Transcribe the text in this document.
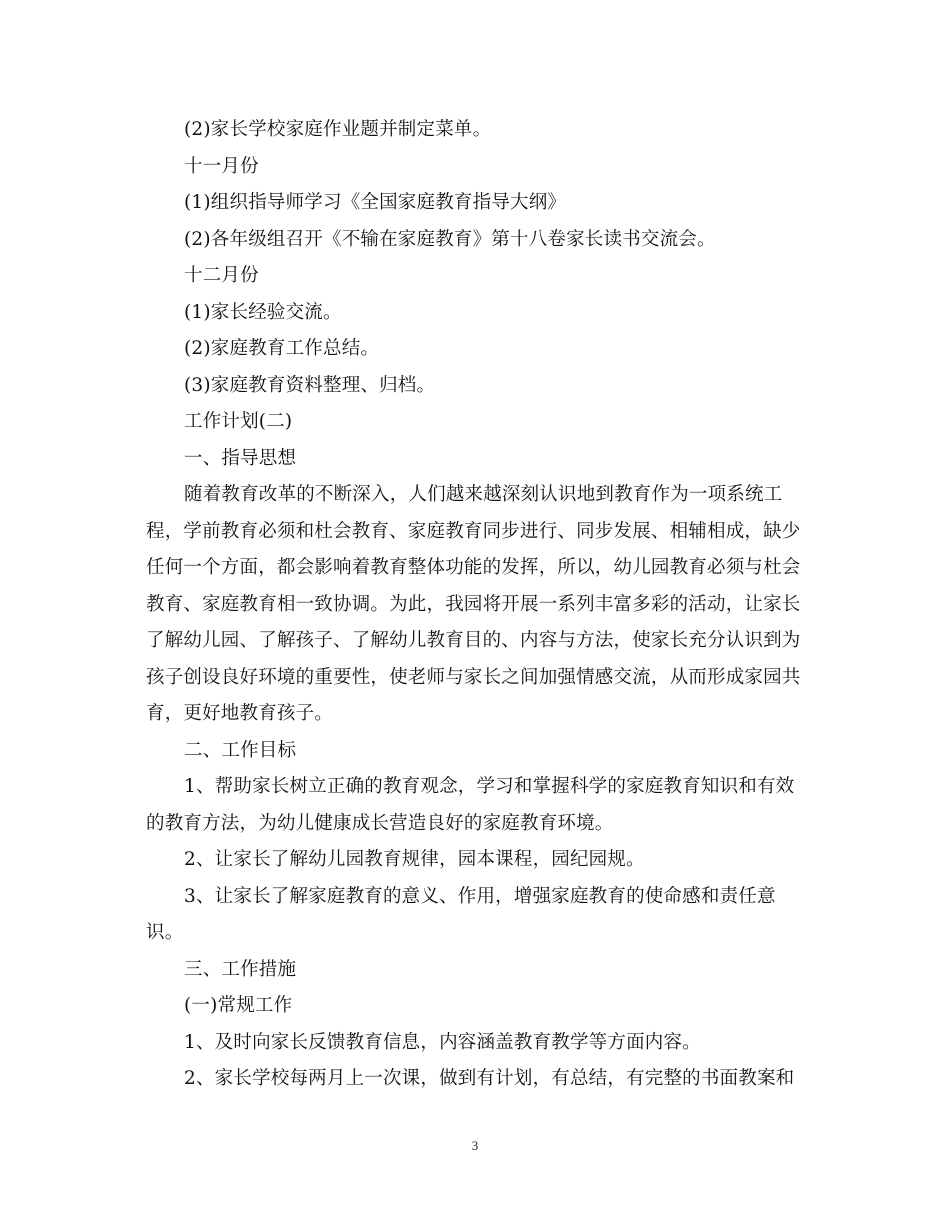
(2)家长学校家庭作业题并制定菜单。
十一月份
(1)组织指导师学习《全国家庭教育指导大纲》
(2)各年级组召开《不输在家庭教育》第十八卷家长读书交流会。
十二月份
(1)家长经验交流。
(2)家庭教育工作总结。
(3)家庭教育资料整理、归档。
工作计划(二)
一、指导思想
随着教育改革的不断深入，人们越来越深刻认识地到教育作为一项系统工
程，学前教育必须和杜会教育、家庭教育同步进行、同步发展、相辅相成，缺少
任何一个方面，都会影响着教育整体功能的发挥，所以，幼儿园教育必须与杜会
教育、家庭教育相一致协调。为此，我园将开展一系列丰富多彩的活动，让家长
了解幼儿园、了解孩子、了解幼儿教育目的、内容与方法，使家长充分认识到为
孩子创设良好环境的重要性，使老师与家长之间加强情感交流，从而形成家园共
育，更好地教育孩子。
二、工作目标
1、帮助家长树立正确的教育观念，学习和掌握科学的家庭教育知识和有效
的教育方法，为幼儿健康成长营造良好的家庭教育环境。
2、让家长了解幼儿园教育规律，园本课程，园纪园规。
3、让家长了解家庭教育的意义、作用，增强家庭教育的使命感和责任意
识。
三、工作措施
(一)常规工作
1、及时向家长反馈教育信息，内容涵盖教育教学等方面内容。
2、家长学校每两月上一次课，做到有计划，有总结，有完整的书面教案和
3
